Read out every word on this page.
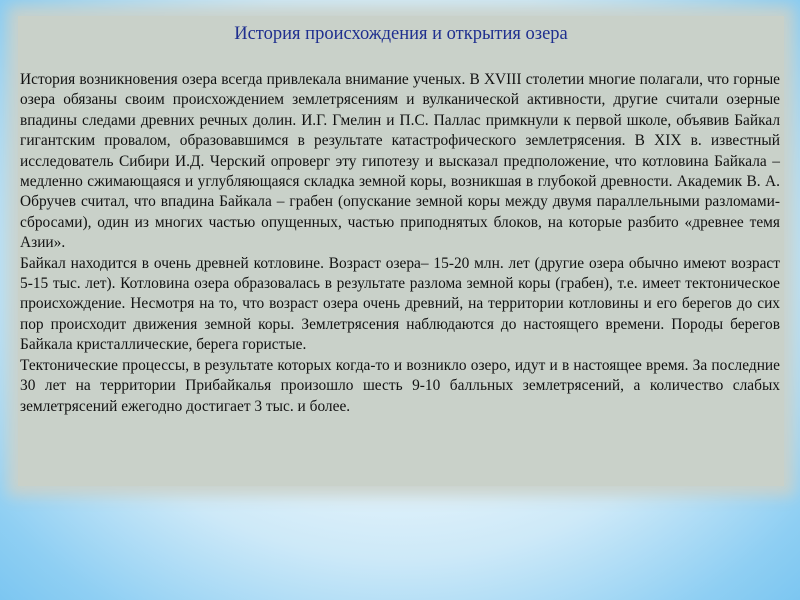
История происхождения и открытия озера

История возникновения озера всегда привлекала внимание ученых. В XVIII столетии многие полагали, что горные озера обязаны своим происхождением землетрясениям и вулканической активности, другие считали озерные впадины следами древних речных долин. И.Г. Гмелин и П.С. Паллас примкнули к первой школе, объявив Байкал гигантским провалом, образовавшимся в результате катастрофического землетрясения. В XIX в. известный исследователь Сибири И.Д. Черский опроверг эту гипотезу и высказал предположение, что котловина Байкала – медленно сжимающаяся и углубляющаяся складка земной коры, возникшая в глубокой древности. Академик В. А. Обручев считал, что впадина Байкала – грабен (опускание земной коры между двумя параллельными разломами-сбросами), один из многих частью опущенных, частью приподнятых блоков, на которые разбито «древнее темя Азии».

Байкал находится в очень древней котловине. Возраст озера– 15-20 млн. лет (другие озера обычно имеют возраст 5-15 тыс. лет). Котловина озера образовалась в результате разлома земной коры (грабен), т.е. имеет тектоническое происхождение. Несмотря на то, что возраст озера очень древний, на территории котловины и его берегов до сих пор происходит движения земной коры. Землетрясения наблюдаются до настоящего времени. Породы берегов Байкала кристаллические, берега гористые.

Тектонические процессы, в результате которых когда-то и возникло озеро, идут и в настоящее время. За последние 30 лет на территории Прибайкалья произошло шесть 9-10 балльных землетрясений, а количество слабых землетрясений ежегодно достигает 3 тыс. и более.
